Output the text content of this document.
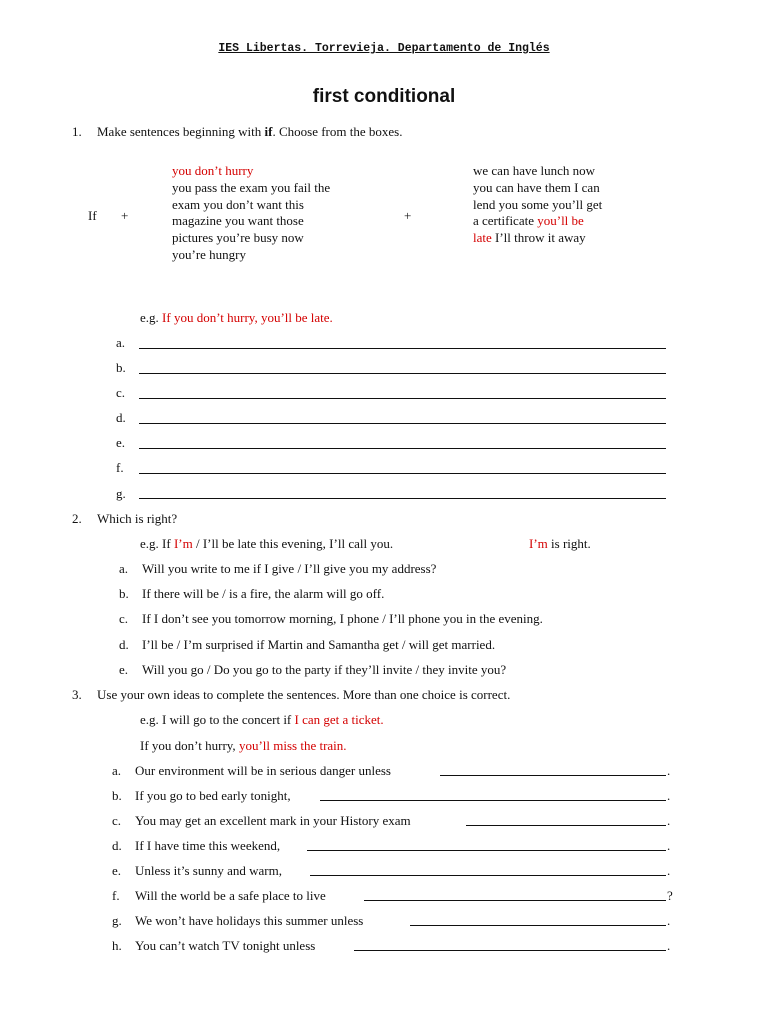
IES Libertas. Torrevieja. Departamento de Inglés
first conditional
1.	Make sentences beginning with if. Choose from the boxes.
If +	+
you don’t hurry
you pass the exam you fail the exam you don’t want this magazine you want those pictures you’re busy now you’re hungry
we can have lunch now you can have them I can lend you some you’ll get a certificate you’ll be late I’ll throw it away
e.g. If you don’t hurry, you’ll be late.
a.
b.
c.
d.
e.
f.
g.
2.	Which is right?
e.g. If I’m / I’ll be late this evening, I’ll call you.	I’m is right.
a. Will you write to me if I give / I’ll give you my address?
b. If there will be / is a fire, the alarm will go off.
c. If I don’t see you tomorrow morning, I phone / I’ll phone you in the evening.
d. I’ll be / I’m surprised if Martin and Samantha get / will get married.
e. Will you go / Do you go to the party if they’ll invite / they invite you?
3.	Use your own ideas to complete the sentences. More than one choice is correct.
e.g. I will go to the concert if I can get a ticket.
If you don’t hurry, you’ll miss the train.
a. Our environment will be in serious danger unless	.
b. If you go to bed early tonight,	.
c. You may get an excellent mark in your History exam	.
d. If I have time this weekend,	.
e. Unless it’s sunny and warm,	.
f. Will the world be a safe place to live	?
g. We won’t have holidays this summer unless	.
h. You can’t watch TV tonight unless	.
